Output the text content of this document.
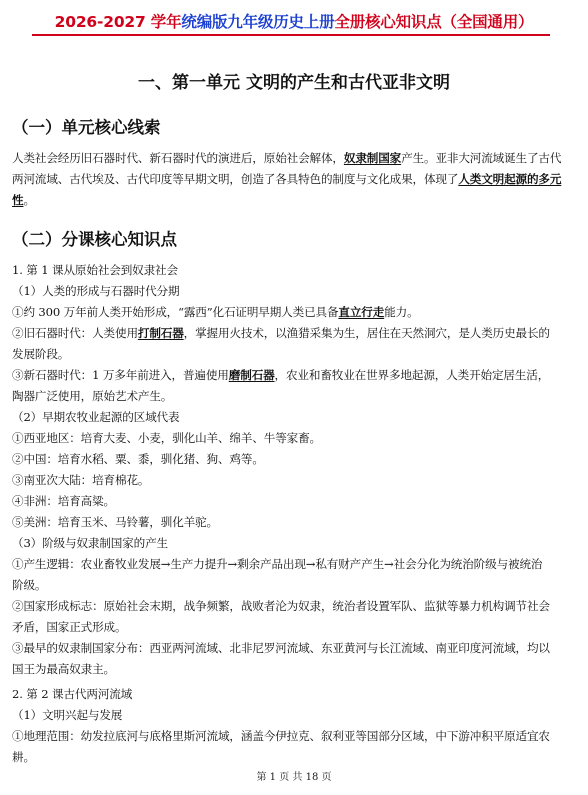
2026-2027 学年统编版九年级历史上册全册核心知识点（全国通用）
一、第一单元 文明的产生和古代亚非文明
（一）单元核心线索
人类社会经历旧石器时代、新石器时代的演进后，原始社会解体，奴隶制国家产生。亚非大河流域诞生了古代两河流域、古代埃及、古代印度等早期文明，创造了各具特色的制度与文化成果，体现了人类文明起源的多元性。
（二）分课核心知识点
1. 第 1 课从原始社会到奴隶社会
（1）人类的形成与石器时代分期
①约 300 万年前人类开始形成，“露西”化石证明早期人类已具备直立行走能力。
②旧石器时代：人类使用打制石器，掌握用火技术，以渔猎采集为生，居住在天然洞穴，是人类历史最长的
发展阶段。
③新石器时代：1 万多年前进入，普遍使用磨制石器，农业和畜牧业在世界多地起源，人类开始定居生活，
陶器广泛使用，原始艺术产生。
（2）早期农牧业起源的区域代表
①西亚地区：培育大麦、小麦，驯化山羊、绵羊、牛等家畜。
②中国：培育水稻、粟、黍，驯化猪、狗、鸡等。
③南亚次大陆：培育棉花。
④非洲：培育高粱。
⑤美洲：培育玉米、马铃薯，驯化羊驼。
（3）阶级与奴隶制国家的产生
①产生逻辑：农业畜牧业发展→生产力提升→剩余产品出现→私有财产产生→社会分化为统治阶级与被统治
阶级。
②国家形成标志：原始社会末期，战争频繁，战败者沦为奴隶，统治者设置军队、监狱等暴力机构调节社会
矛盾，国家正式形成。
③最早的奴隶制国家分布：西亚两河流域、北非尼罗河流域、东亚黄河与长江流域、南亚印度河流域，均以
国王为最高奴隶主。
2. 第 2 课古代两河流域
（1）文明兴起与发展
①地理范围：幼发拉底河与底格里斯河流域，涵盖今伊拉克、叙利亚等国部分区域，中下游冲积平原适宜农
耕。
第 1 页 共 18 页
